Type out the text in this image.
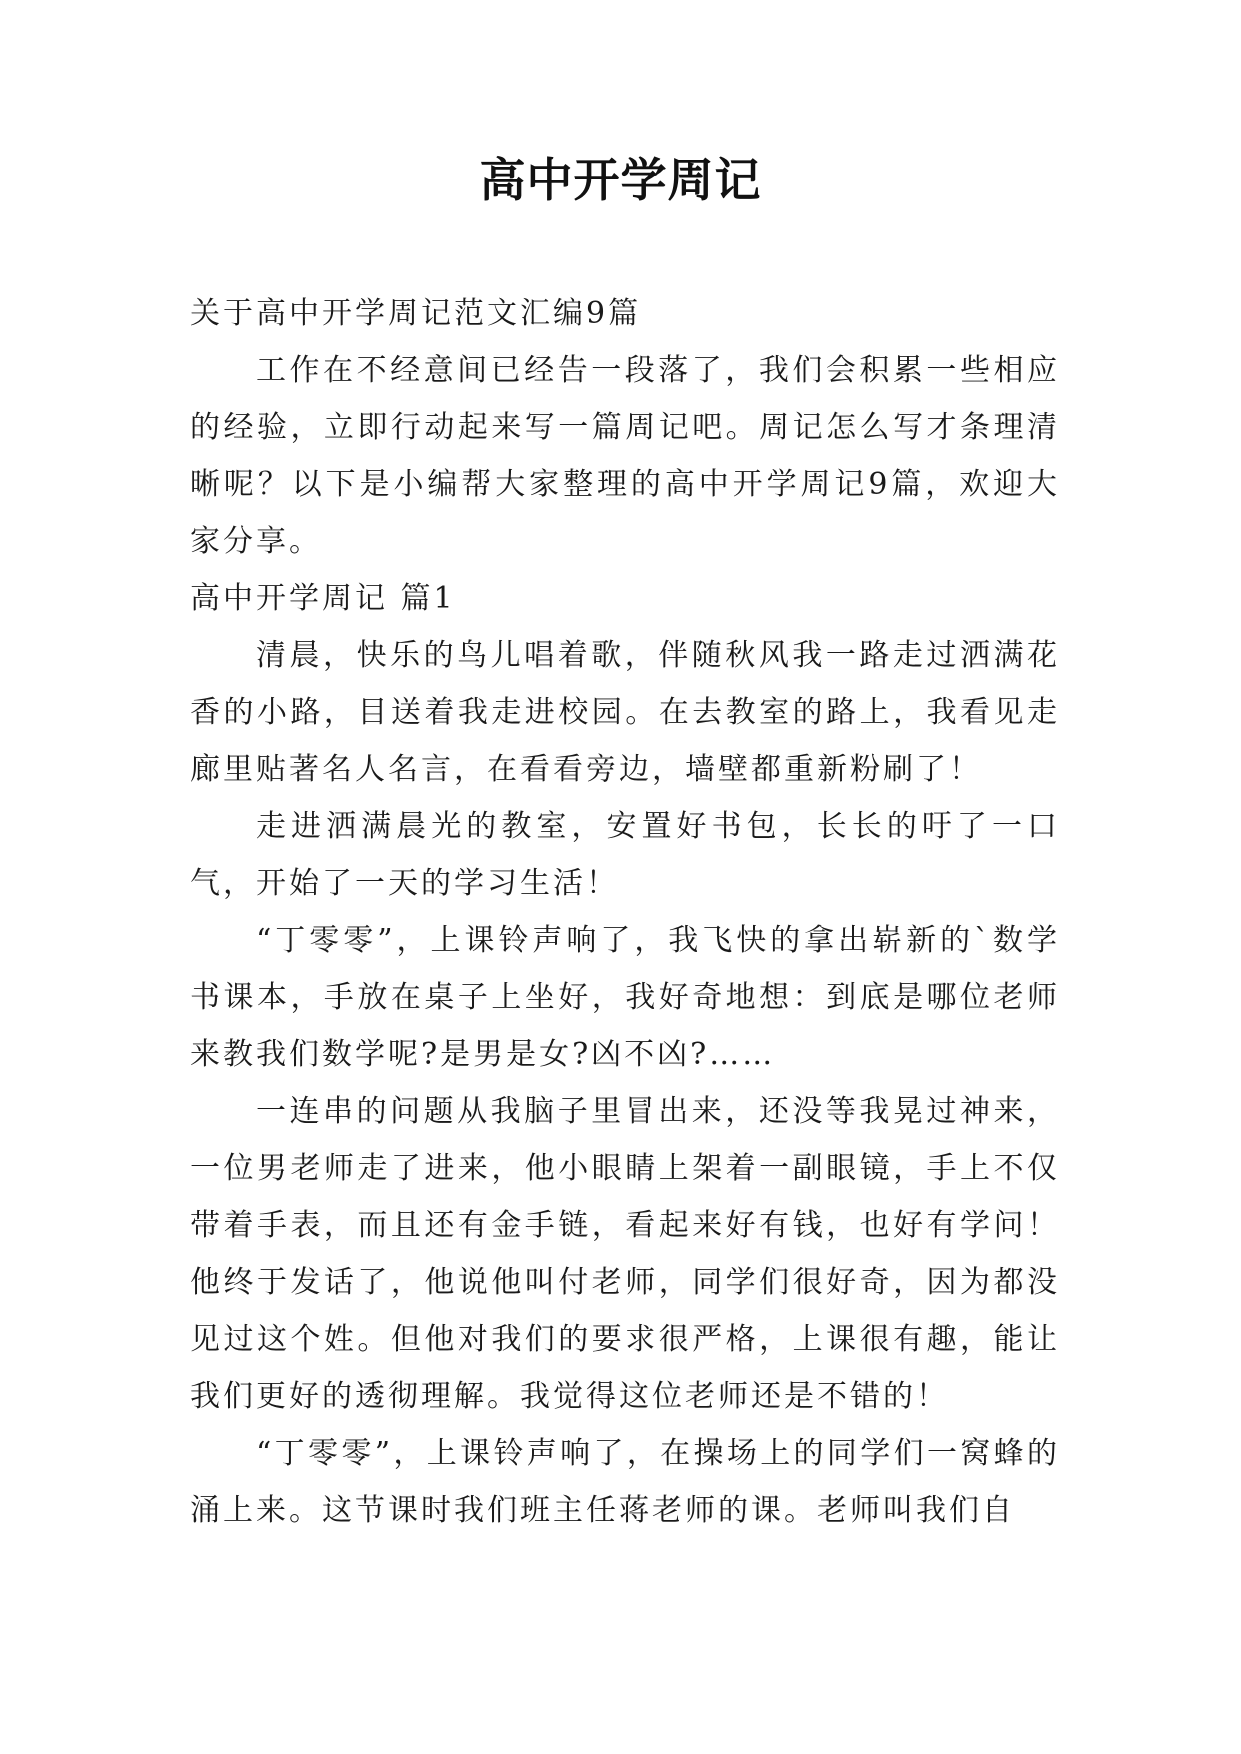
高中开学周记

关于高中开学周记范文汇编9篇

工作在不经意间已经告一段落了，我们会积累一些相应的经验，立即行动起来写一篇周记吧。周记怎么写才条理清晰呢？以下是小编帮大家整理的高中开学周记9篇，欢迎大家分享。

高中开学周记 篇1

清晨，快乐的鸟儿唱着歌，伴随秋风我一路走过洒满花香的小路，目送着我走进校园。在去教室的路上，我看见走廊里贴著名人名言，在看看旁边，墙壁都重新粉刷了！

走进洒满晨光的教室，安置好书包，长长的吁了一口气，开始了一天的学习生活！

“丁零零”，上课铃声响了，我飞快的拿出崭新的`数学书课本，手放在桌子上坐好，我好奇地想：到底是哪位老师来教我们数学呢?是男是女?凶不凶?……

一连串的问题从我脑子里冒出来，还没等我晃过神来，一位男老师走了进来，他小眼睛上架着一副眼镜，手上不仅带着手表，而且还有金手链，看起来好有钱，也好有学问！他终于发话了，他说他叫付老师，同学们很好奇，因为都没见过这个姓。但他对我们的要求很严格，上课很有趣，能让我们更好的透彻理解。我觉得这位老师还是不错的！

“丁零零”，上课铃声响了，在操场上的同学们一窝蜂的涌上来。这节课时我们班主任蒋老师的课。老师叫我们自
